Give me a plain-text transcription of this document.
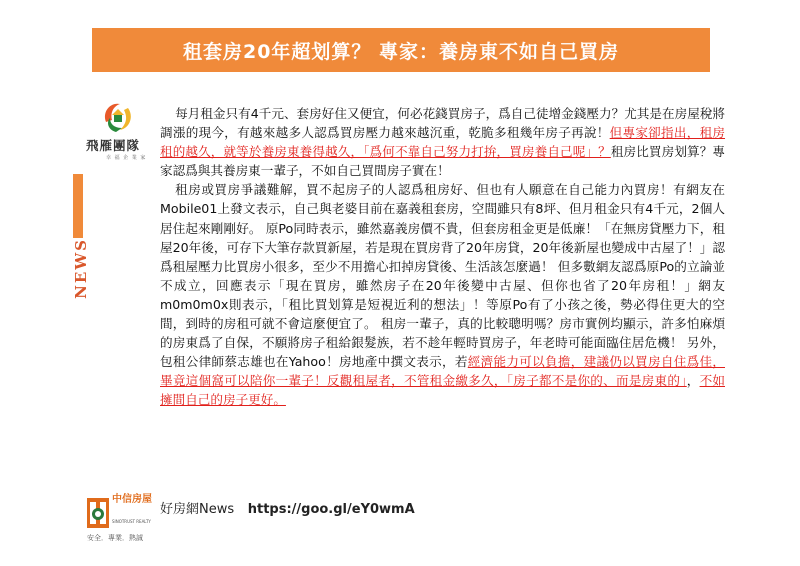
租套房20年超划算？ 專家：養房東不如自己買房
飛雁團隊
幸 福 企 業 家
NEWS

每月租金只有4千元、套房好住又便宜，何必花錢買房子，爲自己徒增金錢壓力？尤其是在房屋稅將調漲的現今，有越來越多人認爲買房壓力越來越沉重，乾脆多租幾年房子再說！但專家卻指出，租房租的越久，就等於養房東養得越久，「爲何不靠自己努力打拚，買房養自己呢」？租房比買房划算？專家認爲與其養房東一輩子，不如自己買間房子實在！

租房或買房爭議難解，買不起房子的人認爲租房好、但也有人願意在自己能力內買房！有網友在Mobile01上發文表示，自己與老婆目前在嘉義租套房，空間雖只有8坪、但月租金只有4千元，2個人居住起來剛剛好。 原Po同時表示，雖然嘉義房價不貴，但套房租金更是低廉！「在無房貸壓力下，租屋20年後，可存下大筆存款買新屋，若是現在買房背了20年房貸，20年後新屋也變成中古屋了！」認爲租屋壓力比買房小很多，至少不用擔心扣掉房貸後、生活該怎麼過！ 但多數網友認爲原Po的立論並不成立，回應表示「現在買房，雖然房子在20年後變中古屋、但你也省了20年房租！」網友m0m0m0x則表示，「租比買划算是短視近利的想法」！等原Po有了小孩之後，勢必得住更大的空間，到時的房租可就不會這麼便宜了。 租房一輩子，真的比較聰明嗎？房市實例均顯示，許多怕麻煩的房東爲了自保，不願將房子租給銀髮族，若不趁年輕時買房子，年老時可能面臨住居危機！ 另外，包租公律師蔡志雄也在Yahoo！房地產中撰文表示，若經濟能力可以負擔，建議仍以買房自住爲佳，畢竟這個窩可以陪你一輩子！反觀租屋者，不管租金繳多久，「房子都不是你的、而是房東的」，不如擁間自己的房子更好。

中信房屋
SINOTRUST REALTY
安全．專業．熱誠
好房網News https://goo.gl/eY0wmA
